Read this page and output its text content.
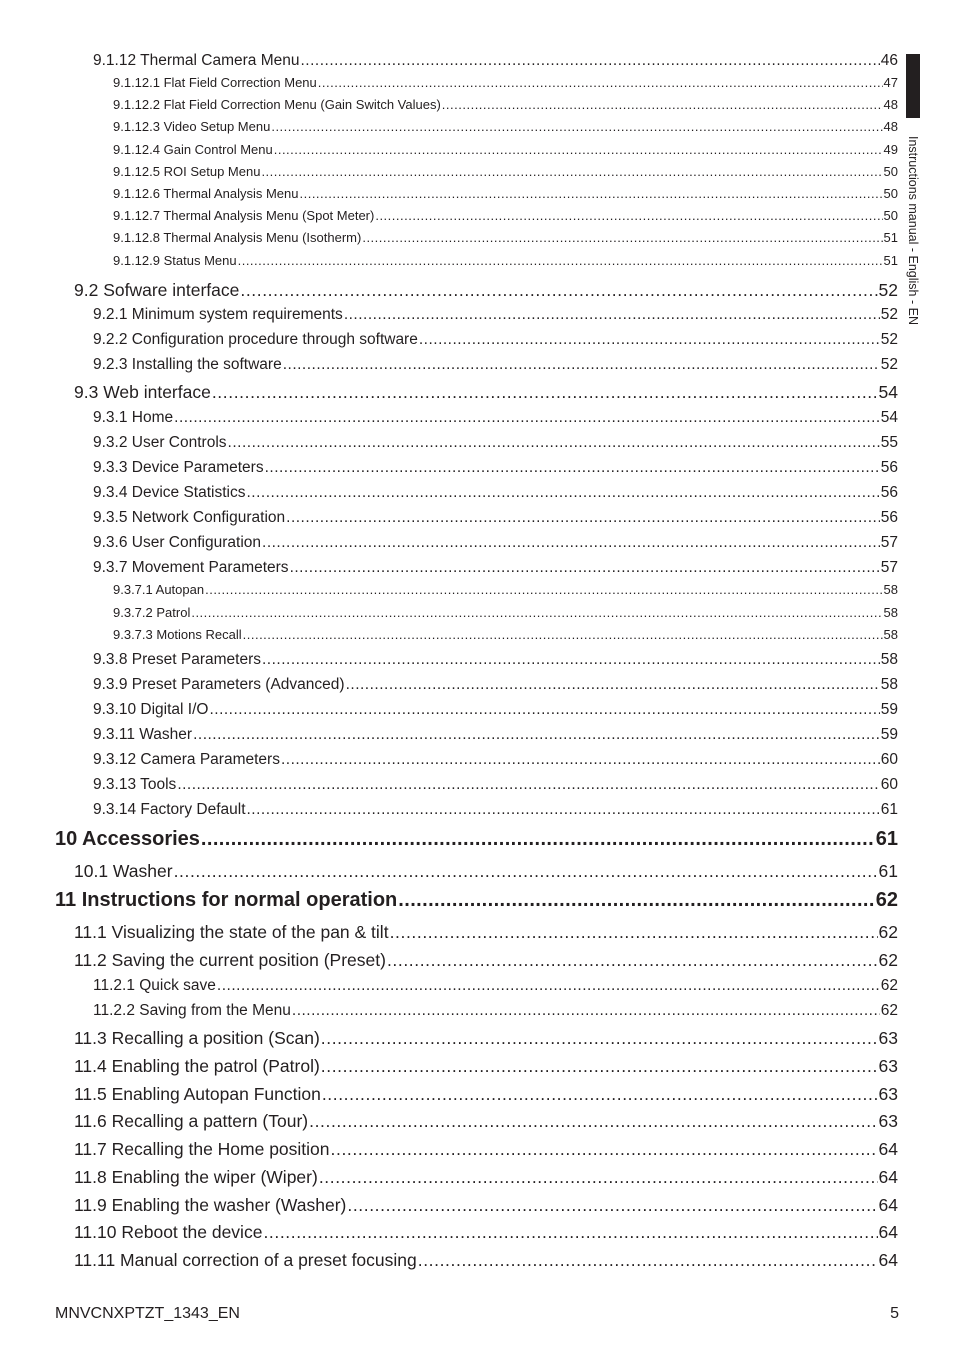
9.1.12 Thermal Camera Menu .....	46
9.1.12.1 Flat Field Correction Menu .....	47
9.1.12.2 Flat Field Correction Menu (Gain Switch Values) .....	48
9.1.12.3 Video Setup Menu .....	48
9.1.12.4 Gain Control Menu .....	49
9.1.12.5 ROI Setup Menu .....	50
9.1.12.6 Thermal Analysis Menu .....	50
9.1.12.7 Thermal Analysis Menu (Spot Meter) .....	50
9.1.12.8 Thermal Analysis Menu (Isotherm) .....	51
9.1.12.9 Status Menu .....	51
9.2 Sofware interface .....	52
9.2.1 Minimum system requirements .....	52
9.2.2 Configuration procedure through software .....	52
9.2.3 Installing the software .....	52
9.3 Web interface .....	54
9.3.1 Home .....	54
9.3.2 User Controls .....	55
9.3.3 Device Parameters .....	56
9.3.4 Device Statistics .....	56
9.3.5 Network Configuration .....	56
9.3.6 User Configuration .....	57
9.3.7 Movement Parameters .....	57
9.3.7.1 Autopan .....	58
9.3.7.2 Patrol .....	58
9.3.7.3 Motions Recall .....	58
9.3.8 Preset Parameters .....	58
9.3.9 Preset Parameters (Advanced) .....	58
9.3.10 Digital I/O .....	59
9.3.11 Washer .....	59
9.3.12 Camera Parameters .....	60
9.3.13 Tools .....	60
9.3.14 Factory Default .....	61
10 Accessories .....	61
10.1 Washer .....	61
11 Instructions for normal operation .....	62
11.1 Visualizing the state of the pan & tilt .....	62
11.2 Saving the current position (Preset) .....	62
11.2.1 Quick save .....	62
11.2.2 Saving from the Menu .....	62
11.3 Recalling a position (Scan) .....	63
11.4 Enabling the patrol (Patrol) .....	63
11.5 Enabling Autopan Function .....	63
11.6 Recalling a pattern (Tour) .....	63
11.7 Recalling the Home position .....	64
11.8 Enabling the wiper (Wiper) .....	64
11.9 Enabling the washer (Washer) .....	64
11.10 Reboot the device .....	64
11.11 Manual correction of a preset focusing .....	64
Instructions manual - English - EN
MNVCNXPTZT_1343_EN	5
